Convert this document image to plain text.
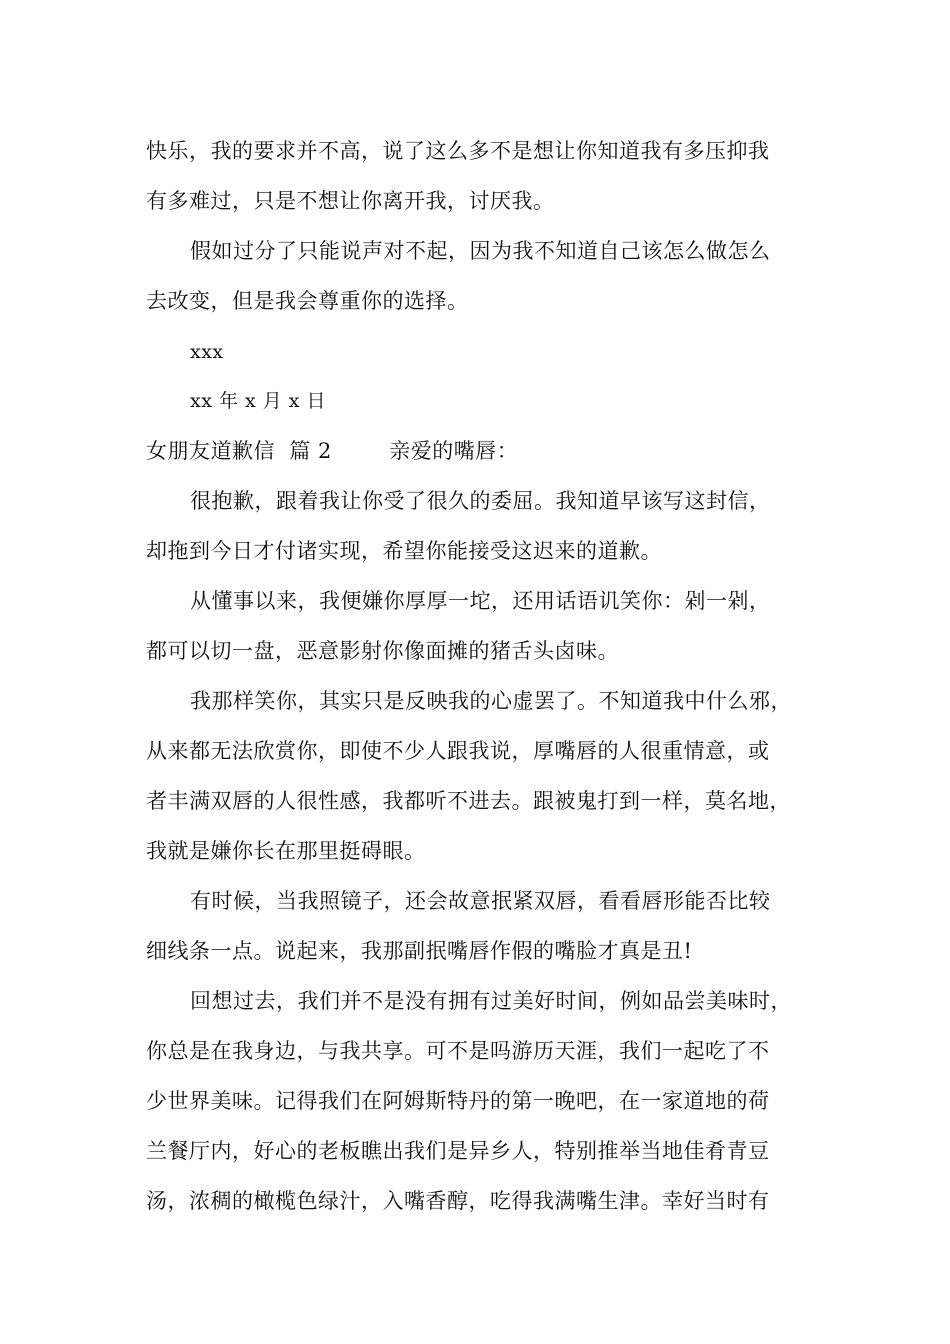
快乐，我的要求并不高，说了这么多不是想让你知道我有多压抑我
有多难过，只是不想让你离开我，讨厌我。
假如过分了只能说声对不起，因为我不知道自己该怎么做怎么
去改变，但是我会尊重你的选择。
xxx
xx 年 x 月 x 日
女朋友道歉信  篇 2        亲爱的嘴唇：
很抱歉，跟着我让你受了很久的委屈。我知道早该写这封信，
却拖到今日才付诸实现，希望你能接受这迟来的道歉。
从懂事以来，我便嫌你厚厚一坨，还用话语讥笑你：剁一剁，
都可以切一盘，恶意影射你像面摊的猪舌头卤味。
我那样笑你，其实只是反映我的心虚罢了。不知道我中什么邪，
从来都无法欣赏你，即使不少人跟我说，厚嘴唇的人很重情意，或
者丰满双唇的人很性感，我都听不进去。跟被鬼打到一样，莫名地，
我就是嫌你长在那里挺碍眼。
有时候，当我照镜子，还会故意抿紧双唇，看看唇形能否比较
细线条一点。说起来，我那副抿嘴唇作假的嘴脸才真是丑!
回想过去，我们并不是没有拥有过美好时间，例如品尝美味时，
你总是在我身边，与我共享。可不是吗游历天涯，我们一起吃了不
少世界美味。记得我们在阿姆斯特丹的第一晚吧，在一家道地的荷
兰餐厅内，好心的老板瞧出我们是异乡人，特别推举当地佳肴青豆
汤，浓稠的橄榄色绿汁，入嘴香醇，吃得我满嘴生津。幸好当时有
